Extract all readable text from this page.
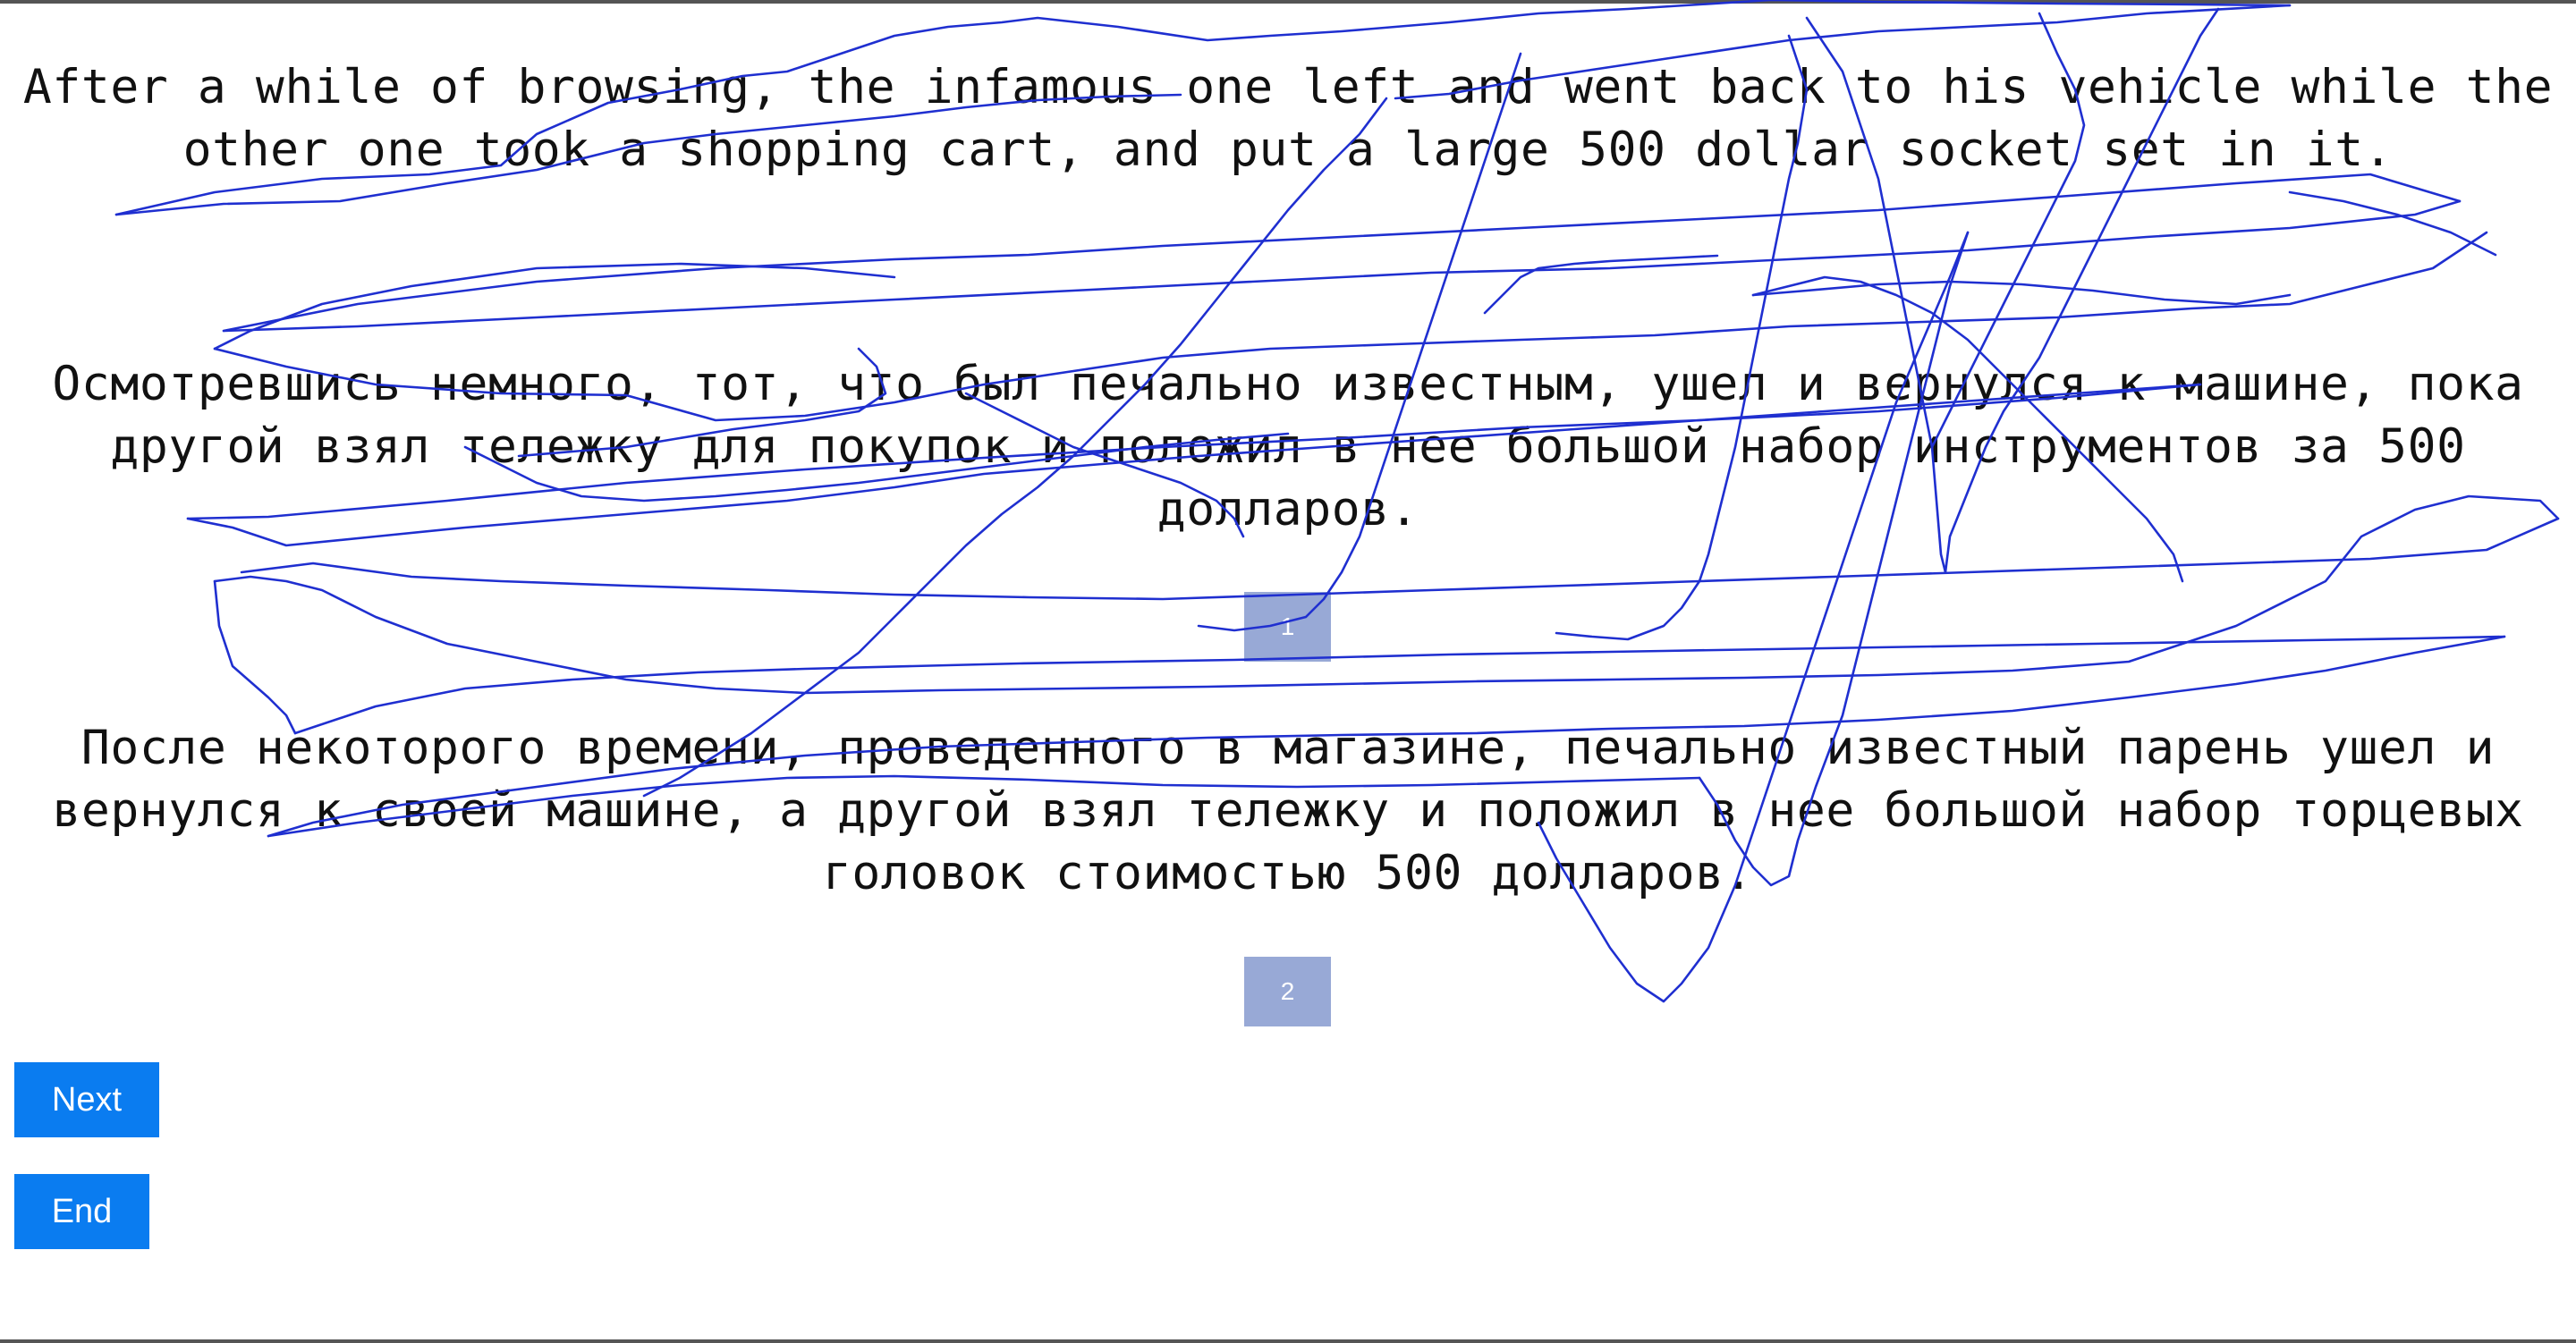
After a while of browsing, the infamous one left and went back to his vehicle while the other one took a shopping cart, and put a large 500 dollar socket set in it.
Осмотревшись немного, тот, что был печально известным, ушел и вернулся к машине, пока другой взял тележку для покупок и положил в нее большой набор инструментов за 500 долларов.
1
После некоторого времени, проведенного в магазине, печально известный парень ушел и вернулся к своей машине, а другой взял тележку и положил в нее большой набор торцевых головок стоимостью 500 долларов.
2
Next
End
